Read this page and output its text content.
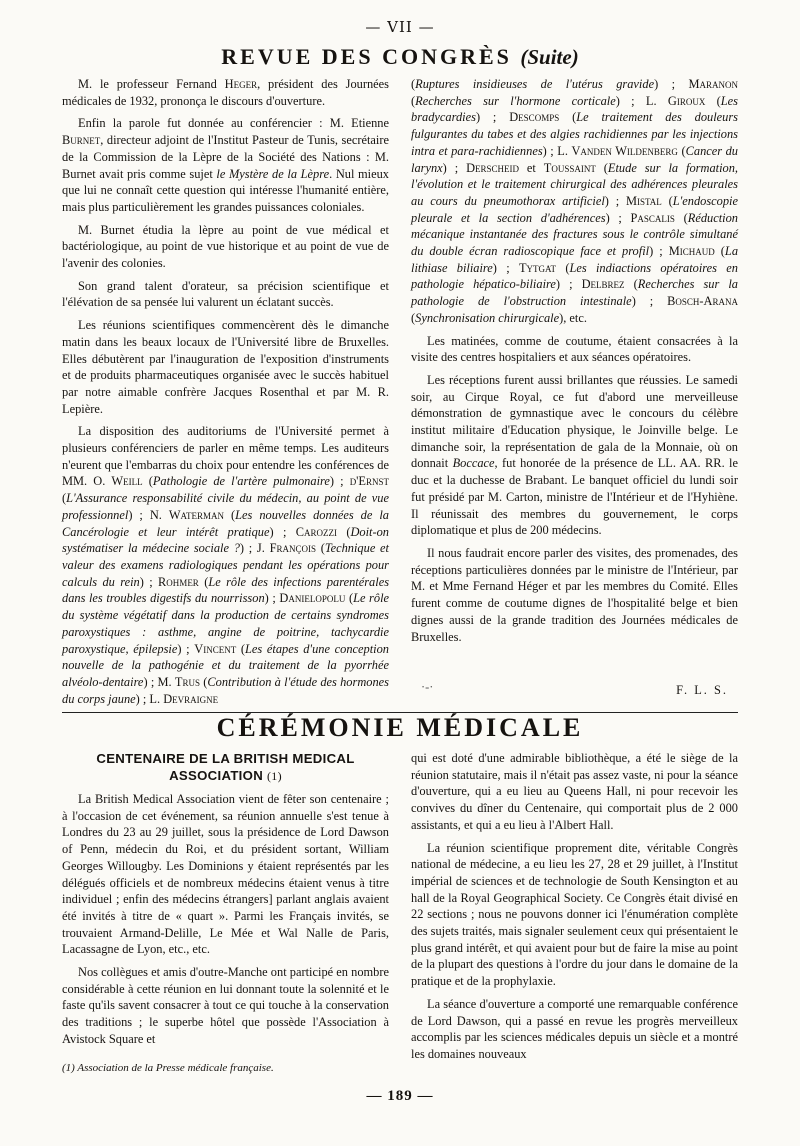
— VII —
REVUE DES CONGRÈS (Suite)

M. le professeur Fernand Heger, président des Journées médicales de 1932, prononça le discours d'ouverture.

Enfin la parole fut donnée au conférencier : M. Etienne Burnet, directeur adjoint de l'Institut Pasteur de Tunis, secrétaire de la Commission de la Lèpre de la Société des Nations : M. Burnet avait pris comme sujet le Mystère de la Lèpre. Nul mieux que lui ne connaît cette question qui intéresse l'humanité entière, mais plus particulièrement les grandes puissances coloniales.

M. Burnet étudia la lèpre au point de vue médical et bactériologique, au point de vue historique et au point de vue de l'avenir des colonies.

Son grand talent d'orateur, sa précision scientifique et l'élévation de sa pensée lui valurent un éclatant succès.

Les réunions scientifiques commencèrent dès le dimanche matin dans les beaux locaux de l'Université libre de Bruxelles. Elles débutèrent par l'inauguration de l'exposition d'instruments et de produits pharmaceutiques organisée avec le succès habituel par notre aimable confrère Jacques Rosenthal et par M. R. Lepière.

La disposition des auditoriums de l'Université permet à plusieurs conférenciers de parler en même temps. Les auditeurs n'eurent que l'embarras du choix pour entendre les conférences de MM. O. Weill (Pathologie de l'artère pulmonaire) ; d'Ernst (L'Assurance responsabilité civile du médecin, au point de vue professionnel) ; N. Waterman (Les nouvelles données de la Cancérologie et leur intérêt pratique) ; Carozzi (Doit-on systématiser la médecine sociale ?) ; J. François (Technique et valeur des examens radiologiques pendant les opérations pour calculs du rein) ; Rohmer (Le rôle des infections parentérales dans les troubles digestifs du nourrisson) ; Danielopolu (Le rôle du système végétatif dans la production de certains syndromes paroxystiques : asthme, angine de poitrine, tachycardie paroxystique, épilepsie) ; Vincent (Les étapes d'une conception nouvelle de la pathogénie et du traitement de la pyorrhée alvéolo-dentaire) ; M. Trus (Contribution à l'étude des hormones du corps jaune) ; L. Devraigne

(Ruptures insidieuses de l'utérus gravide) ; Maranon (Recherches sur l'hormone corticale) ; L. Giroux (Les bradycardies) ; Descomps (Le traitement des douleurs fulgurantes du tabes et des algies rachidiennes par les injections intra et para-rachidiennes) ; L. Vanden Wildenberg (Cancer du larynx) ; Derscheid et Toussaint (Etude sur la formation, l'évolution et le traitement chirurgical des adhérences pleurales au cours du pneumothorax artificiel) ; Mistal (L'endoscopie pleurale et la section d'adhérences) ; Pascalis (Réduction mécanique instantanée des fractures sous le contrôle simultané du double écran radioscopique face et profil) ; Michaud (La lithiase biliaire) ; Tytgat (Les indiactions opératoires en pathologie hépatico-biliaire) ; Delbrez (Recherches sur la pathologie de l'obstruction intestinale) ; Bosch-Arana (Synchronisation chirurgicale), etc.

Les matinées, comme de coutume, étaient consacrées à la visite des centres hospitaliers et aux séances opératoires.

Les réceptions furent aussi brillantes que réussies. Le samedi soir, au Cirque Royal, ce fut d'abord une merveilleuse démonstration de gymnastique avec le concours du célèbre institut militaire d'Education physique, le Joinville belge. Le dimanche soir, la représentation de gala de la Monnaie, où on donnait Boccace, fut honorée de la présence de LL. AA. RR. le duc et la duchesse de Brabant. Le banquet officiel du lundi soir fut présidé par M. Carton, ministre de l'Intérieur et de l'Hyhiène. Il réunissait des membres du gouvernement, le corps diplomatique et plus de 200 médecins.

Il nous faudrait encore parler des visites, des promenades, des réceptions particulières données par le ministre de l'Intérieur, par M. et Mme Fernand Héger et par les membres du Comité. Elles furent comme de coutume dignes de l'hospitalité belge et bien dignes aussi de la grande tradition des Journées médicales de Bruxelles.

·-·	F. L. S.
CÉRÉMONIE MÉDICALE
CENTENAIRE DE LA BRITISH MEDICAL
ASSOCIATION (1)

La British Medical Association vient de fêter son centenaire ; à l'occasion de cet événement, sa réunion annuelle s'est tenue à Londres du 23 au 29 juillet, sous la présidence de Lord Dawson of Penn, médecin du Roi, et du président sortant, William Georges Willougby. Les Dominions y étaient représentés par les délégués officiels et de nombreux médecins étaient venus à titre individuel ; enfin des médecins étrangers] parlant anglais avaient été invités à titre de « quart ». Parmi les Français invités, se trouvaient Armand-Delille, Le Mée et Wal Nalle de Paris, Lacassagne de Lyon, etc., etc.

Nos collègues et amis d'outre-Manche ont participé en nombre considérable à cette réunion en lui donnant toute la solennité et le faste qu'ils savent consacrer à tout ce qui touche à la conservation des traditions ; le superbe hôtel que possède l'Association à Avistock Square et

qui est doté d'une admirable bibliothèque, a été le siège de la réunion statutaire, mais il n'était pas assez vaste, ni pour la séance d'ouverture, qui a eu lieu au Queens Hall, ni pour recevoir les convives du dîner du Centenaire, qui comportait plus de 2 000 assistants, et qui a eu lieu à l'Albert Hall.

La réunion scientifique proprement dite, véritable Congrès national de médecine, a eu lieu les 27, 28 et 29 juillet, à l'Institut impérial de sciences et de technologie de South Kensington et au hall de la Royal Geographical Society. Ce Congrès était divisé en 22 sections ; nous ne pouvons donner ici l'énumération complète des sujets traités, mais signaler seulement ceux qui présentaient le plus grand intérêt, et qui avaient pour but de faire la mise au point de la plupart des questions à l'ordre du jour dans le domaine de la pratique et de la prophylaxie.

La séance d'ouverture a comporté une remarquable conférence de Lord Dawson, qui a passé en revue les progrès merveilleux accomplis par les sciences médicales depuis un siècle et a montré les domaines nouveaux

(1) Association de la Presse médicale française.
— 189 —
